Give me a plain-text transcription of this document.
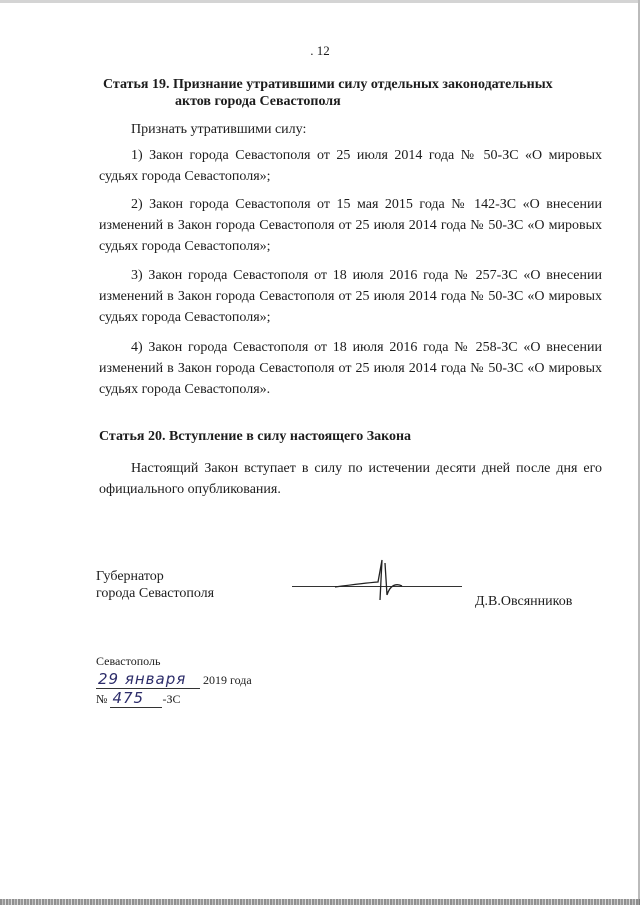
. 12
Статья 19. Признание утратившими силу отдельных законодательных
актов города Севастополя
Признать утратившими силу:
1) Закон города Севастополя от 25 июля 2014 года № 50-ЗС «О мировых судьях города Севастополя»;
2) Закон города Севастополя от 15 мая 2015 года № 142-ЗС «О внесении изменений в Закон города Севастополя от 25 июля 2014 года № 50-ЗС «О мировых судьях города Севастополя»;
3) Закон города Севастополя от 18 июля 2016 года № 257-ЗС «О внесении изменений в Закон города Севастополя от 25 июля 2014 года № 50-ЗС «О мировых судьях города Севастополя»;
4) Закон города Севастополя от 18 июля 2016 года № 258-ЗС «О внесении изменений в Закон города Севастополя от 25 июля 2014 года № 50-ЗС «О мировых судьях города Севастополя».
Статья 20. Вступление в силу настоящего Закона
Настоящий Закон вступает в силу по истечении десяти дней после дня его официального опубликования.
Губернатор
города Севастополя
Д.В.Овсянников
Севастополь
29 января 2019 года
№ 475 -ЗС
